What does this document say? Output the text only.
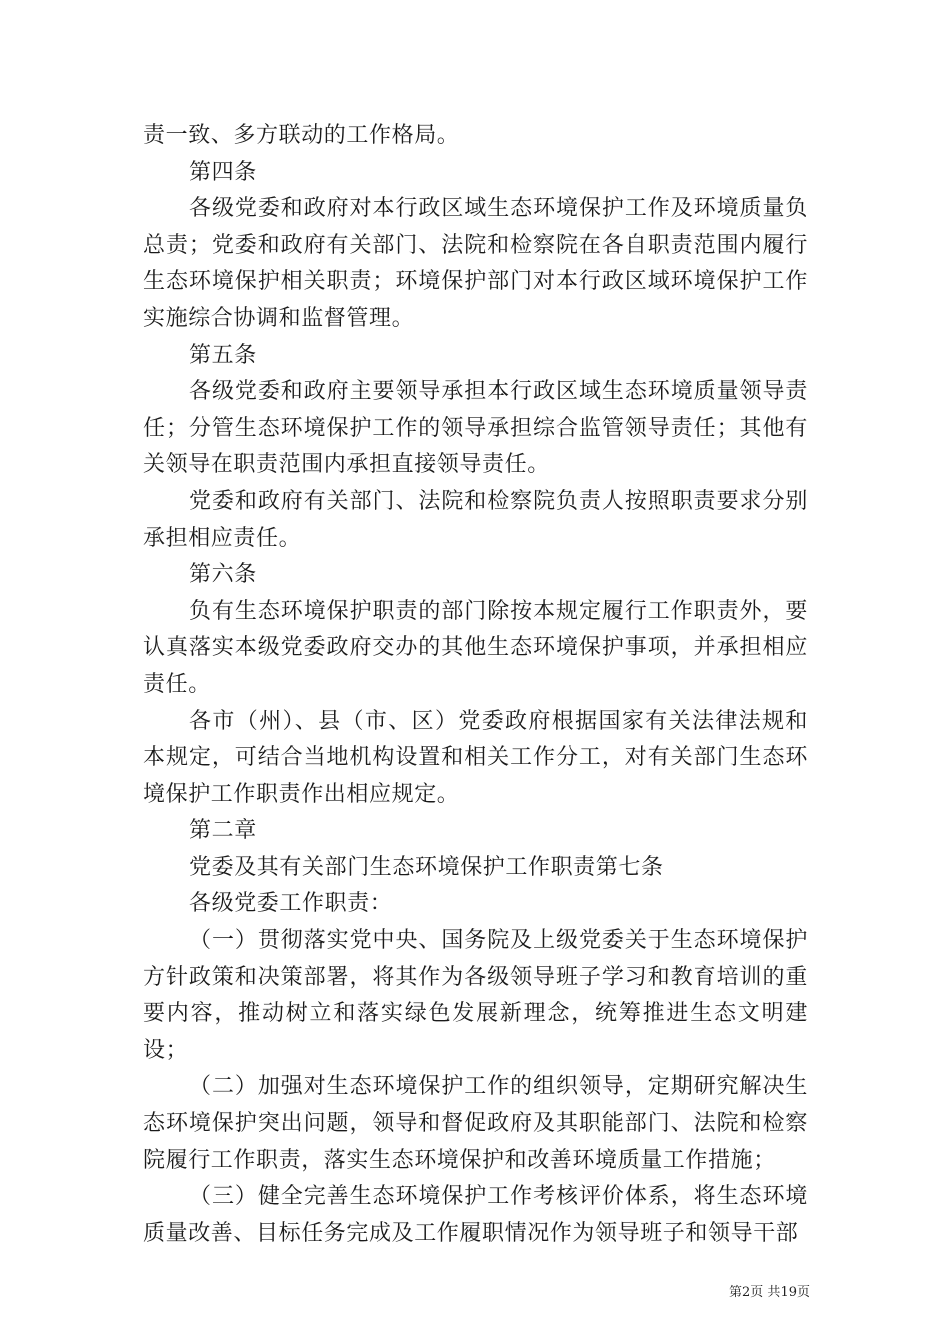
责一致、多方联动的工作格局。

第四条

各级党委和政府对本行政区域生态环境保护工作及环境质量负总责；党委和政府有关部门、法院和检察院在各自职责范围内履行生态环境保护相关职责；环境保护部门对本行政区域环境保护工作实施综合协调和监督管理。

第五条

各级党委和政府主要领导承担本行政区域生态环境质量领导责任；分管生态环境保护工作的领导承担综合监管领导责任；其他有关领导在职责范围内承担直接领导责任。

党委和政府有关部门、法院和检察院负责人按照职责要求分别承担相应责任。

第六条

负有生态环境保护职责的部门除按本规定履行工作职责外，要认真落实本级党委政府交办的其他生态环境保护事项，并承担相应责任。

各市（州）、县（市、区）党委政府根据国家有关法律法规和本规定，可结合当地机构设置和相关工作分工，对有关部门生态环境保护工作职责作出相应规定。

第二章

党委及其有关部门生态环境保护工作职责第七条

各级党委工作职责：

（一）贯彻落实党中央、国务院及上级党委关于生态环境保护方针政策和决策部署，将其作为各级领导班子学习和教育培训的重要内容，推动树立和落实绿色发展新理念，统筹推进生态文明建设；

（二）加强对生态环境保护工作的组织领导，定期研究解决生态环境保护突出问题，领导和督促政府及其职能部门、法院和检察院履行工作职责，落实生态环境保护和改善环境质量工作措施；

（三）健全完善生态环境保护工作考核评价体系，将生态环境质量改善、目标任务完成及工作履职情况作为领导班子和领导干部

第2页 共19页
